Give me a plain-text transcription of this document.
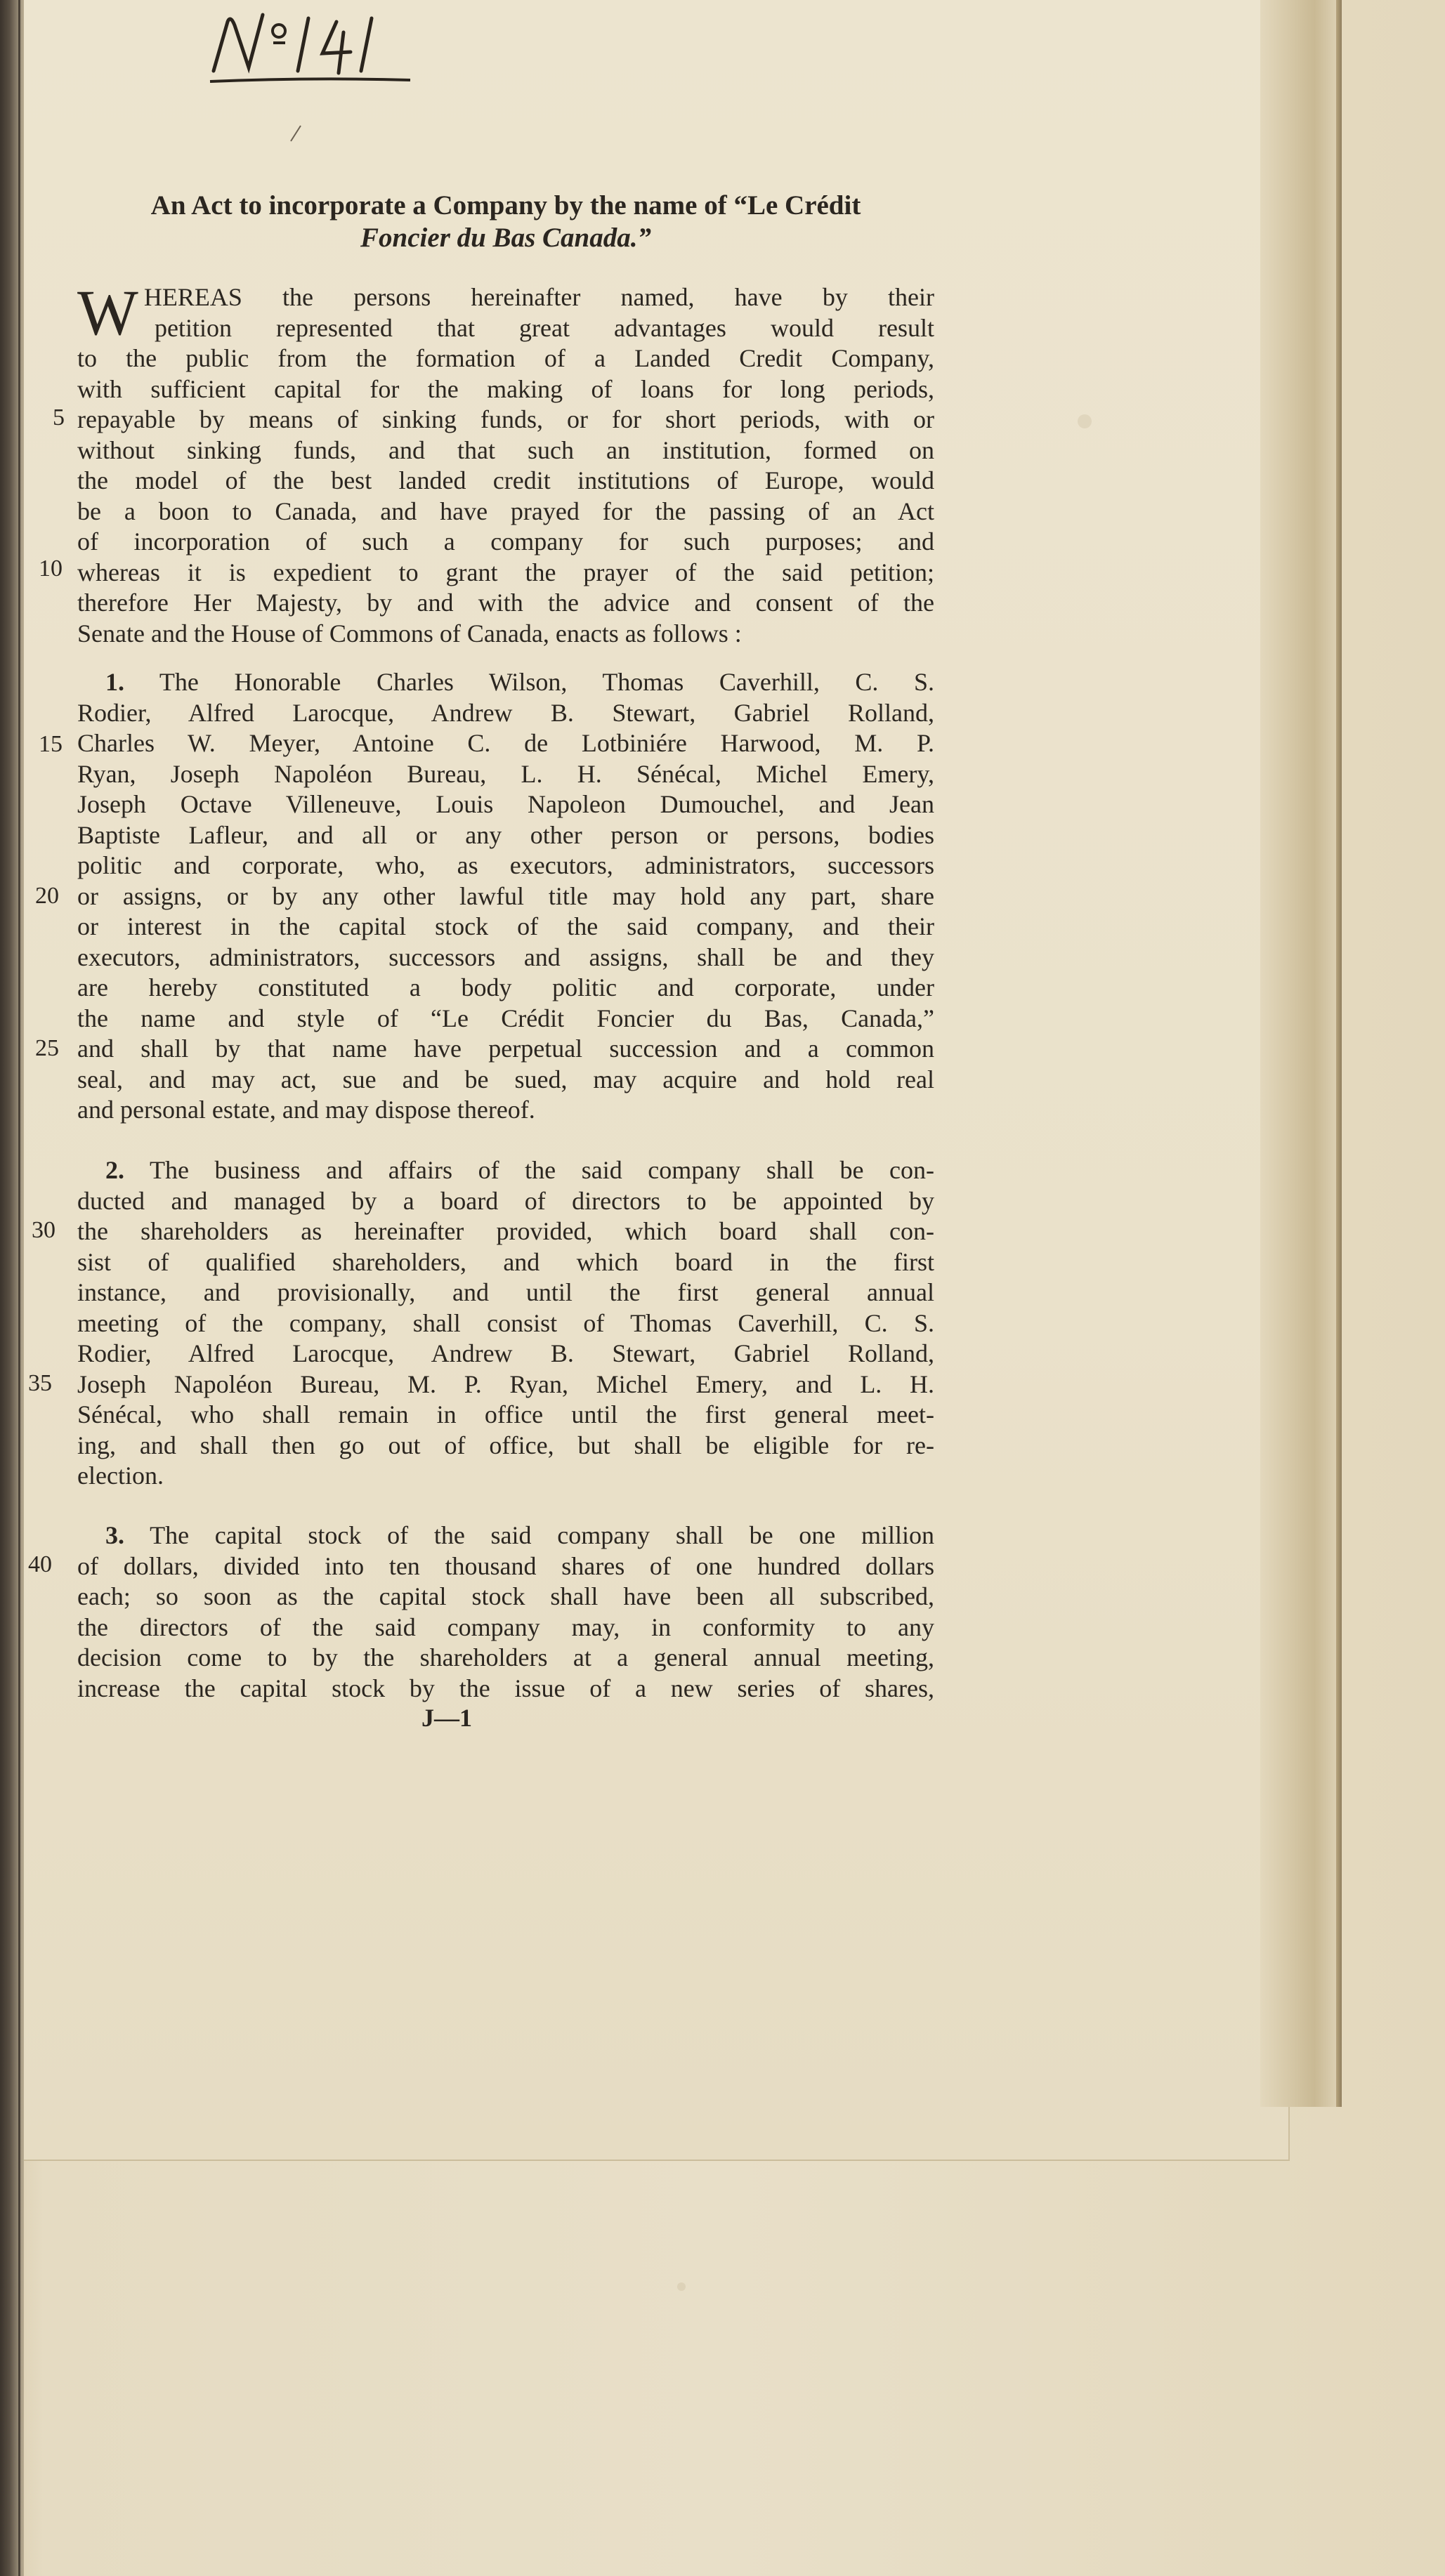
An Act to incorporate a Company by the name of “Le Crédit
Foncier du Bas Canada.”
W HEREAS the persons hereinafter named, have by their
petition represented that great advantages would result
to the public from the formation of a Landed Credit Company,
with sufficient capital for the making of loans for long periods,
repayable by means of sinking funds, or for short periods, with or
without sinking funds, and that such an institution, formed on
the model of the best landed credit institutions of Europe, would
be a boon to Canada, and have prayed for the passing of an Act
of incorporation of such a company for such purposes; and
whereas it is expedient to grant the prayer of the said petition;
therefore Her Majesty, by and with the advice and consent of the
Senate and the House of Commons of Canada, enacts as follows :
1. The Honorable Charles Wilson, Thomas Caverhill, C. S.
Rodier, Alfred Larocque, Andrew B. Stewart, Gabriel Rolland,
Charles W. Meyer, Antoine C. de Lotbiniére Harwood, M. P.
Ryan, Joseph Napoléon Bureau, L. H. Sénécal, Michel Emery,
Joseph Octave Villeneuve, Louis Napoleon Dumouchel, and Jean
Baptiste Lafleur, and all or any other person or persons, bodies
politic and corporate, who, as executors, administrators, successors
or assigns, or by any other lawful title may hold any part, share
or interest in the capital stock of the said company, and their
executors, administrators, successors and assigns, shall be and they
are hereby constituted a body politic and corporate, under
the name and style of “Le Crédit Foncier du Bas, Canada,”
and shall by that name have perpetual succession and a common
seal, and may act, sue and be sued, may acquire and hold real
and personal estate, and may dispose thereof.
2. The business and affairs of the said company shall be con-
ducted and managed by a board of directors to be appointed by
the shareholders as hereinafter provided, which board shall con-
sist of qualified shareholders, and which board in the first
instance, and provisionally, and until the first general annual
meeting of the company, shall consist of Thomas Caverhill, C. S.
Rodier, Alfred Larocque, Andrew B. Stewart, Gabriel Rolland,
Joseph Napoléon Bureau, M. P. Ryan, Michel Emery, and L. H.
Sénécal, who shall remain in office until the first general meet-
ing, and shall then go out of office, but shall be eligible for re-
election.
3. The capital stock of the said company shall be one million
of dollars, divided into ten thousand shares of one hundred dollars
each; so soon as the capital stock shall have been all subscribed,
the directors of the said company may, in conformity to any
decision come to by the shareholders at a general annual meeting,
increase the capital stock by the issue of a new series of shares,
J—1
5
10
15
20
25
30
35
40
